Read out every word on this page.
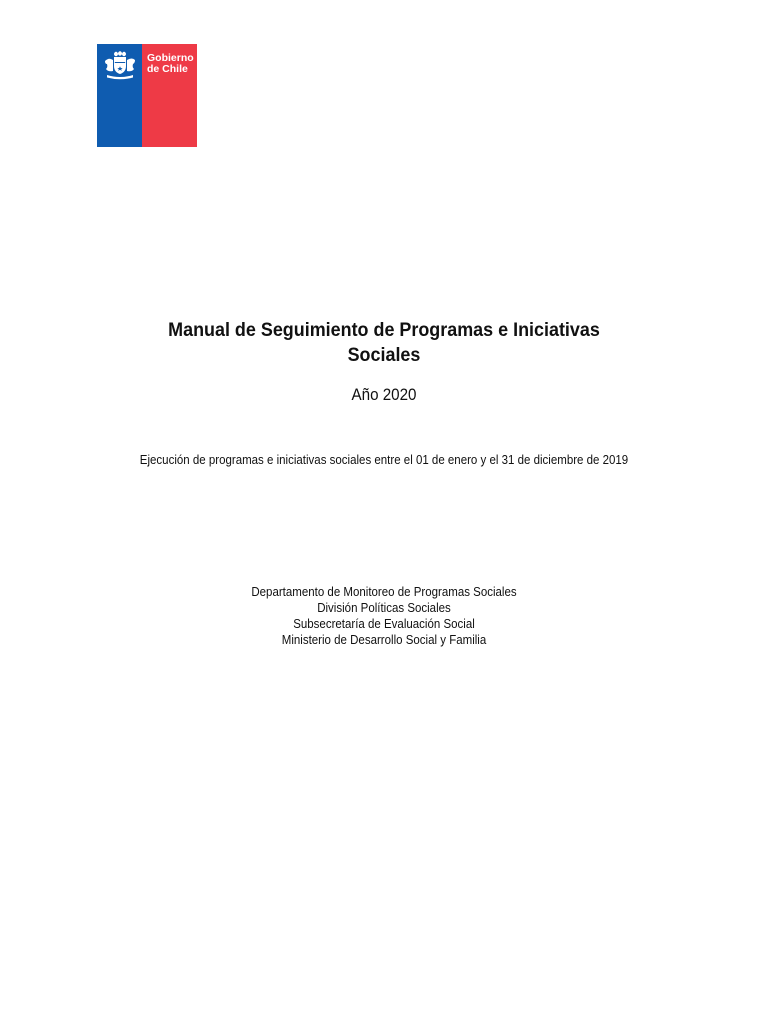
Gobierno
de Chile
Manual de Seguimiento de Programas e Iniciativas
Sociales
Año 2020
Ejecución de programas e iniciativas sociales entre el 01 de enero y el 31 de diciembre de 2019
Departamento de Monitoreo de Programas Sociales
División Políticas Sociales
Subsecretaría de Evaluación Social
Ministerio de Desarrollo Social y Familia
